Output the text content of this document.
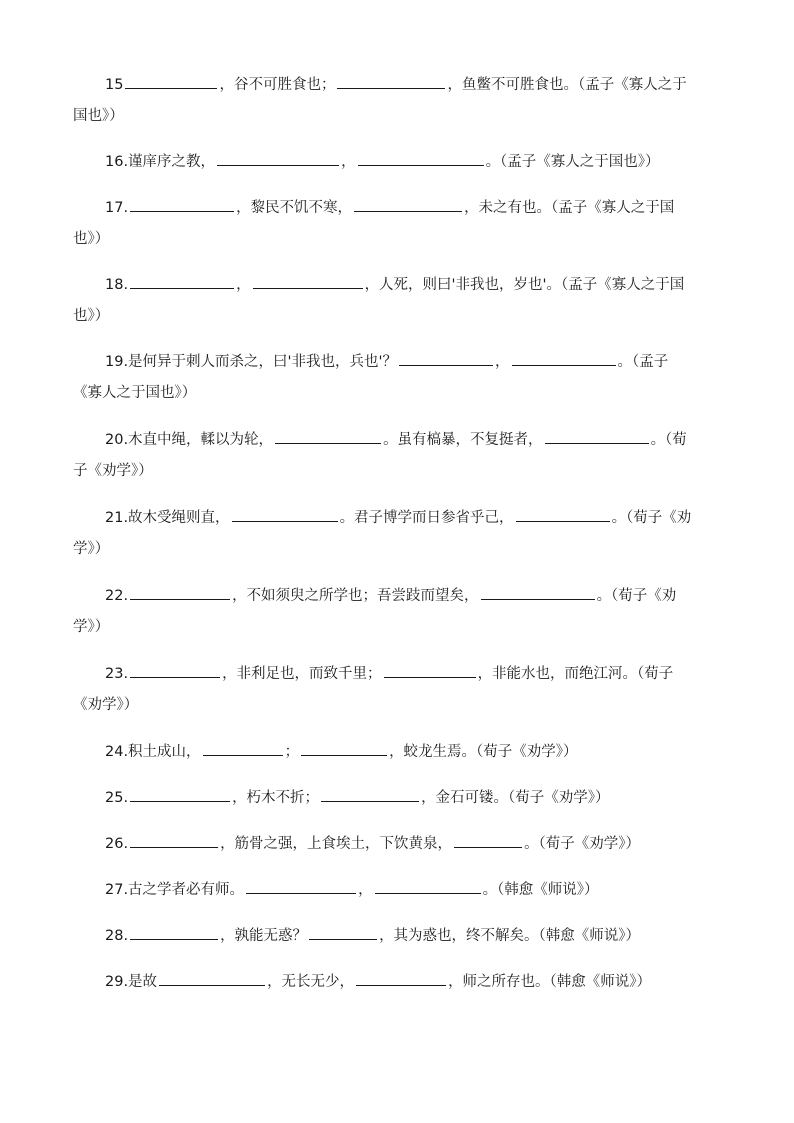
15	，谷不可胜食也；	，鱼鳖不可胜食也。（孟子《寡人之于国也》）

16.谨庠序之教，	，	。（孟子《寡人之于国也》）

17.	，黎民不饥不寒，	，未之有也。（孟子《寡人之于国也》）

18.	，	，人死，则曰'非我也，岁也'。（孟子《寡人之于国也》）

19.是何异于刺人而杀之，曰'非我也，兵也'？	，	。（孟子《寡人之于国也》）

20.木直中绳，輮以为轮，	。虽有槁暴，不复挺者，	。（荀子《劝学》）

21.故木受绳则直，	。君子博学而日参省乎己，	。（荀子《劝学》）

22.	，不如须臾之所学也；吾尝跂而望矣，	。（荀子《劝学》）

23.	，非利足也，而致千里；	，非能水也，而绝江河。（荀子《劝学》）

24.积土成山，	；	，蛟龙生焉。（荀子《劝学》）

25.	，朽木不折；	，金石可镂。（荀子《劝学》）

26.	，筋骨之强，上食埃土，下饮黄泉，	。（荀子《劝学》）

27.古之学者必有师。	，	。（韩愈《师说》）

28.	，孰能无惑？	，其为惑也，终不解矣。（韩愈《师说》）

29.是故	，无长无少，	，师之所存也。（韩愈《师说》）
